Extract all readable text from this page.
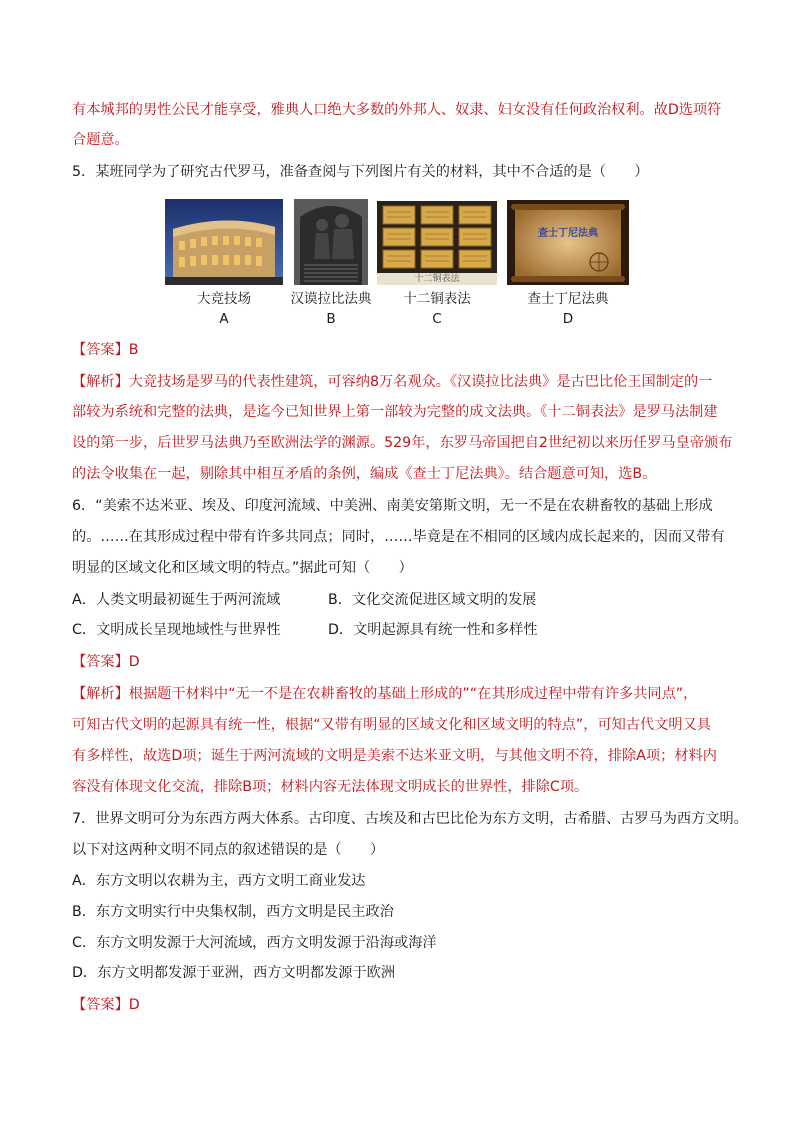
有本城邦的男性公民才能享受，雅典人口绝大多数的外邦人、奴隶、妇女没有任何政治权利。故D选项符
合题意。
5．某班同学为了研究古代罗马，准备查阅与下列图片有关的材料，其中不合适的是（　　）
大竞技场
A
汉谟拉比法典
B
十二铜表法
十二铜表法
C
查士丁尼法典
查士丁尼法典
D
【答案】B
【解析】大竞技场是罗马的代表性建筑，可容纳8万名观众。《汉谟拉比法典》是古巴比伦王国制定的一
部较为系统和完整的法典，是迄今已知世界上第一部较为完整的成文法典。《十二铜表法》是罗马法制建
设的第一步，后世罗马法典乃至欧洲法学的渊源。529年，东罗马帝国把自2世纪初以来历任罗马皇帝颁布
的法令收集在一起，剔除其中相互矛盾的条例，编成《查士丁尼法典》。结合题意可知，选B。
6．“美索不达米亚、埃及、印度河流域、中美洲、南美安第斯文明，无一不是在农耕畜牧的基础上形成
的。……在其形成过程中带有许多共同点；同时，……毕竟是在不相同的区域内成长起来的，因而又带有
明显的区域文化和区域文明的特点。”据此可知（　　）
A．人类文明最初诞生于两河流域	B．文化交流促进区域文明的发展
C．文明成长呈现地域性与世界性	D．文明起源具有统一性和多样性
【答案】D
【解析】根据题干材料中“无一不是在农耕畜牧的基础上形成的”“在其形成过程中带有许多共同点”，
可知古代文明的起源具有统一性，根据“又带有明显的区域文化和区域文明的特点”，可知古代文明又具
有多样性，故选D项；诞生于两河流域的文明是美索不达米亚文明，与其他文明不符，排除A项；材料内
容没有体现文化交流，排除B项；材料内容无法体现文明成长的世界性，排除C项。
7．世界文明可分为东西方两大体系。古印度、古埃及和古巴比伦为东方文明，古希腊、古罗马为西方文明。
以下对这两种文明不同点的叙述错误的是（　　）
A．东方文明以农耕为主，西方文明工商业发达
B．东方文明实行中央集权制，西方文明是民主政治
C．东方文明发源于大河流域，西方文明发源于沿海或海洋
D．东方文明都发源于亚洲，西方文明都发源于欧洲
【答案】D
